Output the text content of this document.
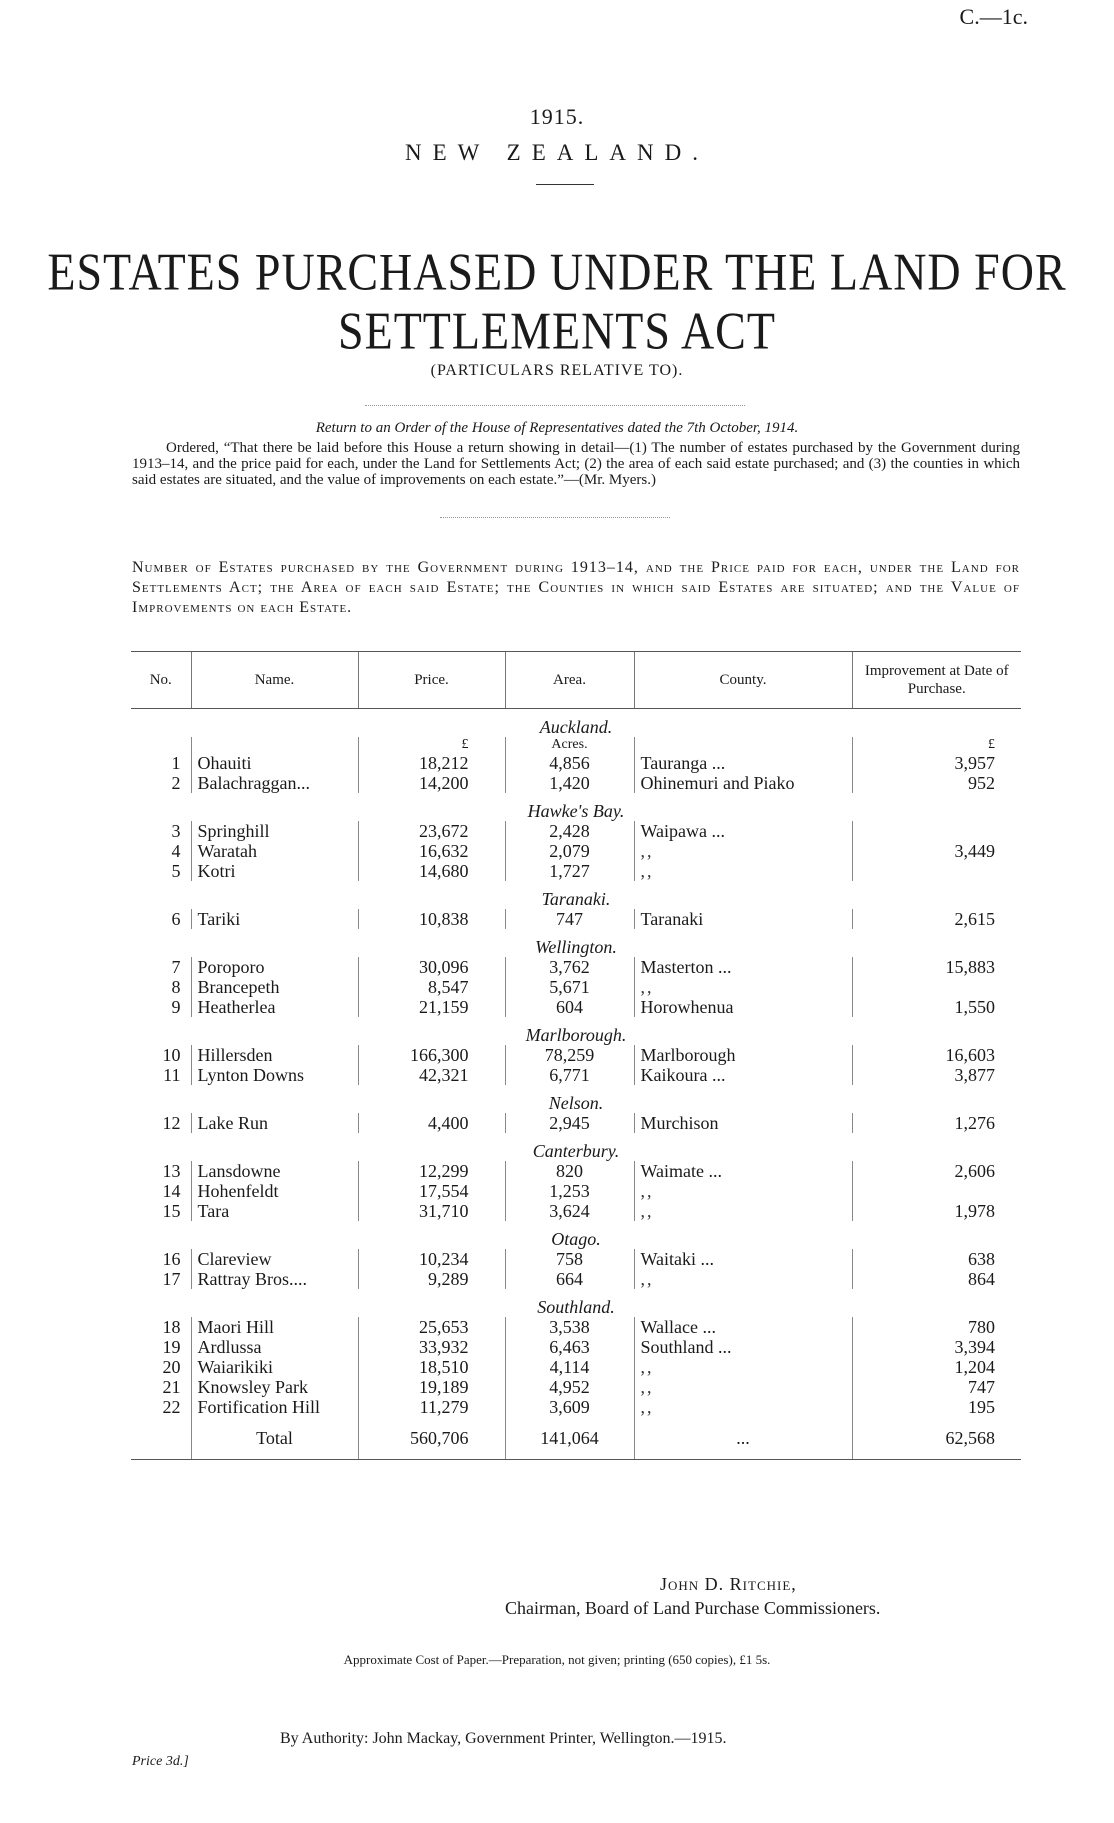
C.—1c.
1915.
NEW ZEALAND.
ESTATES PURCHASED UNDER THE LAND FOR
SETTLEMENTS ACT
(PARTICULARS RELATIVE TO).
Return to an Order of the House of Representatives dated the 7th October, 1914.
Ordered, “That there be laid before this House a return showing in detail—(1) The number of estates purchased by the Government during 1913–14, and the price paid for each, under the Land for Settlements Act; (2) the area of each said estate purchased; and (3) the counties in which said estates are situated, and the value of improvements on each estate.”—(Mr. Myers.)
Number of Estates purchased by the Government during 1913–14, and the Price paid for each, under the Land for Settlements Act; the Area of each said Estate; the Counties in which said Estates are situated; and the Value of Improvements on each Estate.
No.	Name.	Price.	Area.	County.	Improvement at Date of Purchase.
Auckland.					
		£	Acres.		£
1	Ohauiti	18,212	4,856	Tauranga ...	3,957
2	Balachraggan...	14,200	1,420	Ohinemuri and Piako	952
Hawke's Bay.					
3	Springhill	23,672	2,428	Waipawa ...	
4	Waratah	16,632	2,079	,,	3,449
5	Kotri	14,680	1,727	,,	
Taranaki.					
6	Tariki	10,838	747	Taranaki	2,615
Wellington.					
7	Poroporo	30,096	3,762	Masterton ...	15,883
8	Brancepeth	8,547	5,671	,,	
9	Heatherlea	21,159	604	Horowhenua	1,550
Marlborough.					
10	Hillersden	166,300	78,259	Marlborough	16,603
11	Lynton Downs	42,321	6,771	Kaikoura ...	3,877
Nelson.					
12	Lake Run	4,400	2,945	Murchison	1,276
Canterbury.					
13	Lansdowne	12,299	820	Waimate ...	2,606
14	Hohenfeldt	17,554	1,253	,,	
15	Tara	31,710	3,624	,,	1,978
Otago.					
16	Clareview	10,234	758	Waitaki ...	638
17	Rattray Bros....	9,289	664	,,	864
Southland.					
18	Maori Hill	25,653	3,538	Wallace ...	780
19	Ardlussa	33,932	6,463	Southland ...	3,394
20	Waiarikiki	18,510	4,114	,,	1,204
21	Knowsley Park	19,189	4,952	,,	747
22	Fortification Hill	11,279	3,609	,,	195
	Total	560,706	141,064	...	62,568
John D. Ritchie,
Chairman, Board of Land Purchase Commissioners.
Approximate Cost of Paper.—Preparation, not given; printing (650 copies), £1 5s.
By Authority: John Mackay, Government Printer, Wellington.—1915.
Price 3d.]
